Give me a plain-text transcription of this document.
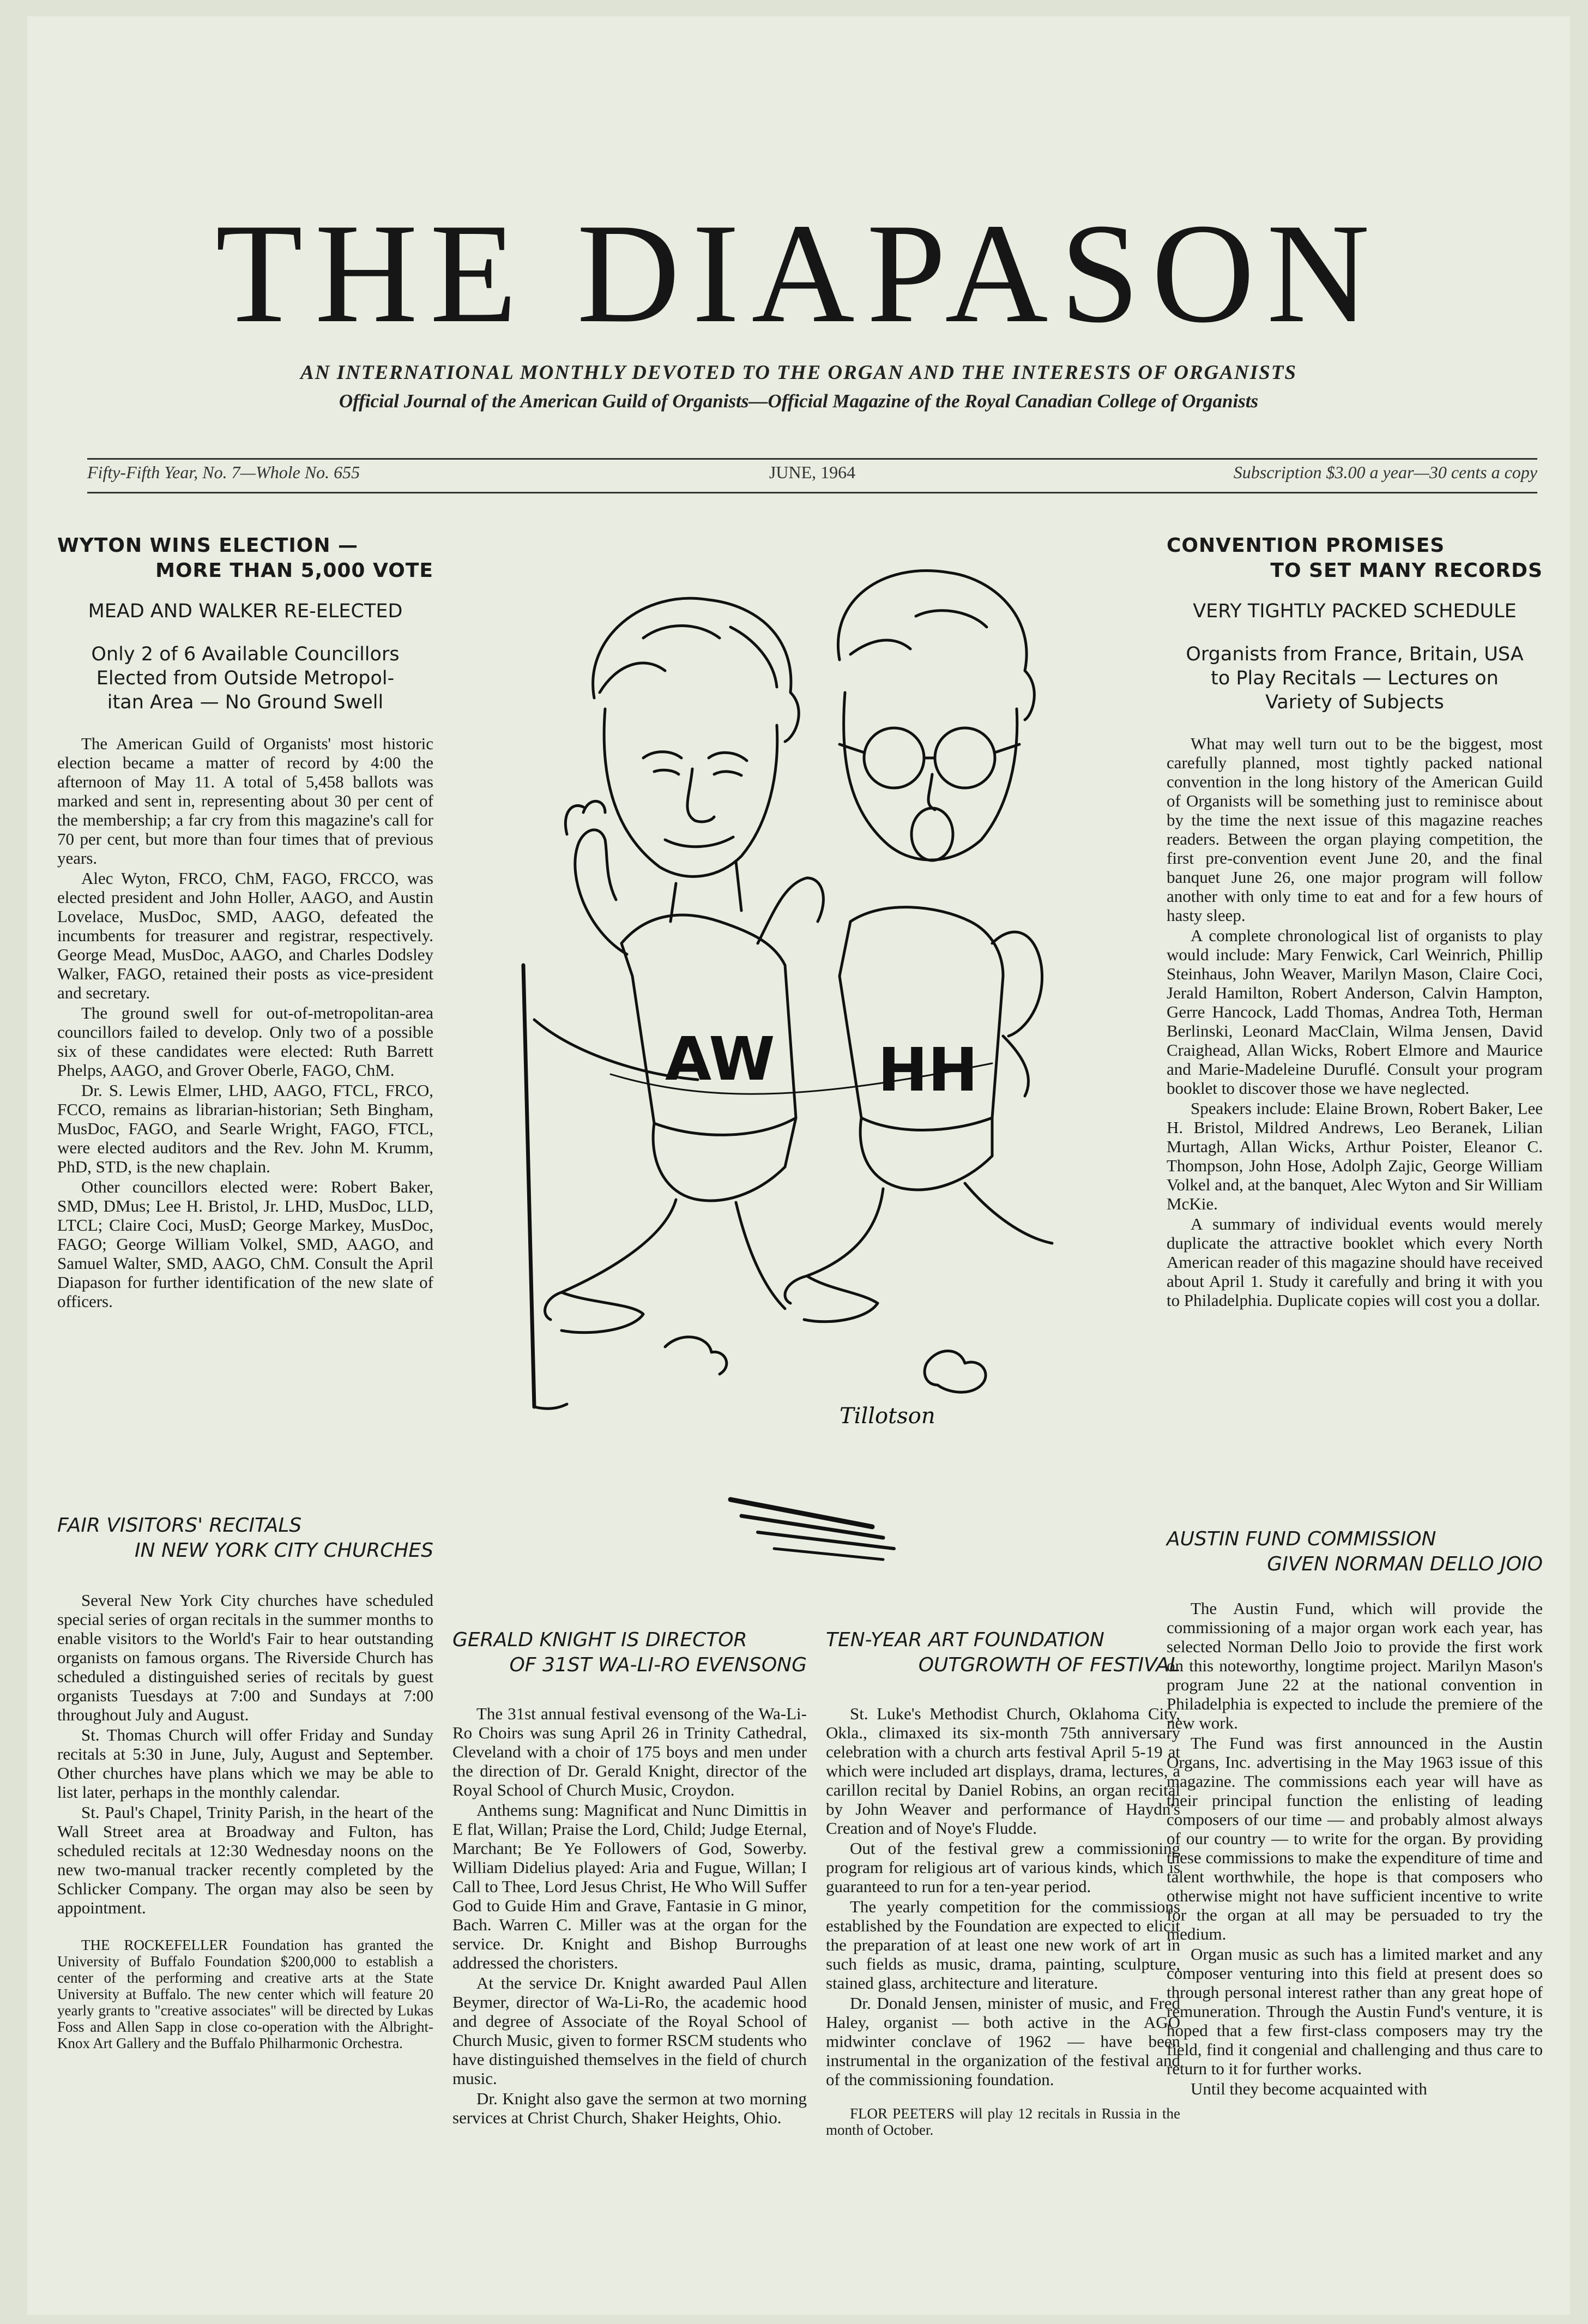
THE DIAPASON
AN INTERNATIONAL MONTHLY DEVOTED TO THE ORGAN AND THE INTERESTS OF ORGANISTS
Official Journal of the American Guild of Organists—Official Magazine of the Royal Canadian College of Organists
Fifty-Fifth Year, No. 7—Whole No. 655	JUNE, 1964	Subscription $3.00 a year—30 cents a copy
WYTON WINS ELECTION —
MORE THAN 5,000 VOTE
MEAD AND WALKER RE-ELECTED
Only 2 of 6 Available Councillors
Elected from Outside Metropol-
itan Area — No Ground Swell

The American Guild of Organists' most historic election became a matter of record by 4:00 the afternoon of May 11. A total of 5,458 ballots was marked and sent in, representing about 30 per cent of the membership; a far cry from this magazine's call for 70 per cent, but more than four times that of previous years.

Alec Wyton, FRCO, ChM, FAGO, FRCCO, was elected president and John Holler, AAGO, and Austin Lovelace, MusDoc, SMD, AAGO, defeated the incumbents for treasurer and registrar, respectively. George Mead, MusDoc, AAGO, and Charles Dodsley Walker, FAGO, retained their posts as vice-president and secretary.

The ground swell for out-of-metropolitan-area councillors failed to develop. Only two of a possible six of these candidates were elected: Ruth Barrett Phelps, AAGO, and Grover Oberle, FAGO, ChM.

Dr. S. Lewis Elmer, LHD, AAGO, FTCL, FRCO, FCCO, remains as librarian-historian; Seth Bingham, MusDoc, FAGO, and Searle Wright, FAGO, FTCL, were elected auditors and the Rev. John M. Krumm, PhD, STD, is the new chaplain.

Other councillors elected were: Robert Baker, SMD, DMus; Lee H. Bristol, Jr. LHD, MusDoc, LLD, LTCL; Claire Coci, MusD; George Markey, MusDoc, FAGO; George William Volkel, SMD, AAGO, and Samuel Walter, SMD, AAGO, ChM. Consult the April Diapason for further identification of the new slate of officers.

FAIR VISITORS' RECITALS
IN NEW YORK CITY CHURCHES

Several New York City churches have scheduled special series of organ recitals in the summer months to enable visitors to the World's Fair to hear outstanding organists on famous organs. The Riverside Church has scheduled a distinguished series of recitals by guest organists Tuesdays at 7:00 and Sundays at 7:00 throughout July and August.

St. Thomas Church will offer Friday and Sunday recitals at 5:30 in June, July, August and September. Other churches have plans which we may be able to list later, perhaps in the monthly calendar.

St. Paul's Chapel, Trinity Parish, in the heart of the Wall Street area at Broadway and Fulton, has scheduled recitals at 12:30 Wednesday noons on the new two-manual tracker recently completed by the Schlicker Company. The organ may also be seen by appointment.

THE ROCKEFELLER Foundation has granted the University of Buffalo Foundation $200,000 to establish a center of the performing and creative arts at the State University at Buffalo. The new center which will feature 20 yearly grants to "creative associates" will be directed by Lukas Foss and Allen Sapp in close co-operation with the Albright-Knox Art Gallery and the Buffalo Philharmonic Orchestra.

AW HH
Tillotson
GERALD KNIGHT IS DIRECTOR
OF 31ST WA-LI-RO EVENSONG

The 31st annual festival evensong of the Wa-Li-Ro Choirs was sung April 26 in Trinity Cathedral, Cleveland with a choir of 175 boys and men under the direction of Dr. Gerald Knight, director of the Royal School of Church Music, Croydon.

Anthems sung: Magnificat and Nunc Dimittis in E flat, Willan; Praise the Lord, Child; Judge Eternal, Marchant; Be Ye Followers of God, Sowerby. William Didelius played: Aria and Fugue, Willan; I Call to Thee, Lord Jesus Christ, He Who Will Suffer God to Guide Him and Grave, Fantasie in G minor, Bach. Warren C. Miller was at the organ for the service. Dr. Knight and Bishop Burroughs addressed the choristers.

At the service Dr. Knight awarded Paul Allen Beymer, director of Wa-Li-Ro, the academic hood and degree of Associate of the Royal School of Church Music, given to former RSCM students who have distinguished themselves in the field of church music.

Dr. Knight also gave the sermon at two morning services at Christ Church, Shaker Heights, Ohio.

TEN-YEAR ART FOUNDATION
OUTGROWTH OF FESTIVAL

St. Luke's Methodist Church, Oklahoma City, Okla., climaxed its six-month 75th anniversary celebration with a church arts festival April 5-19 at which were included art displays, drama, lectures, a carillon recital by Daniel Robins, an organ recital by John Weaver and performance of Haydn's Creation and of Noye's Fludde.

Out of the festival grew a commissioning program for religious art of various kinds, which is guaranteed to run for a ten-year period.

The yearly competition for the commissions established by the Foundation are expected to elicit the preparation of at least one new work of art in such fields as music, drama, painting, sculpture, stained glass, architecture and literature.

Dr. Donald Jensen, minister of music, and Fred Haley, organist — both active in the AGO midwinter conclave of 1962 — have been instrumental in the organization of the festival and of the commissioning foundation.

FLOR PEETERS will play 12 recitals in Russia in the month of October.

CONVENTION PROMISES
TO SET MANY RECORDS
VERY TIGHTLY PACKED SCHEDULE
Organists from France, Britain, USA
to Play Recitals — Lectures on
Variety of Subjects

What may well turn out to be the biggest, most carefully planned, most tightly packed national convention in the long history of the American Guild of Organists will be something just to reminisce about by the time the next issue of this magazine reaches readers. Between the organ playing competition, the first pre-convention event June 20, and the final banquet June 26, one major program will follow another with only time to eat and for a few hours of hasty sleep.

A complete chronological list of organists to play would include: Mary Fenwick, Carl Weinrich, Phillip Steinhaus, John Weaver, Marilyn Mason, Claire Coci, Jerald Hamilton, Robert Anderson, Calvin Hampton, Gerre Hancock, Ladd Thomas, Andrea Toth, Herman Berlinski, Leonard MacClain, Wilma Jensen, David Craighead, Allan Wicks, Robert Elmore and Maurice and Marie-Madeleine Duruflé. Consult your program booklet to discover those we have neglected.

Speakers include: Elaine Brown, Robert Baker, Lee H. Bristol, Mildred Andrews, Leo Beranek, Lilian Murtagh, Allan Wicks, Arthur Poister, Eleanor C. Thompson, John Hose, Adolph Zajic, George William Volkel and, at the banquet, Alec Wyton and Sir William McKie.

A summary of individual events would merely duplicate the attractive booklet which every North American reader of this magazine should have received about April 1. Study it carefully and bring it with you to Philadelphia. Duplicate copies will cost you a dollar.

AUSTIN FUND COMMISSION
GIVEN NORMAN DELLO JOIO

The Austin Fund, which will provide the commissioning of a major organ work each year, has selected Norman Dello Joio to provide the first work on this noteworthy, longtime project. Marilyn Mason's program June 22 at the national convention in Philadelphia is expected to include the premiere of the new work.

The Fund was first announced in the Austin Organs, Inc. advertising in the May 1963 issue of this magazine. The commissions each year will have as their principal function the enlisting of leading composers of our time — and probably almost always of our country — to write for the organ. By providing these commissions to make the expenditure of time and talent worthwhile, the hope is that composers who otherwise might not have sufficient incentive to write for the organ at all may be persuaded to try the medium.

Organ music as such has a limited market and any composer venturing into this field at present does so through personal interest rather than any great hope of remuneration. Through the Austin Fund's venture, it is hoped that a few first-class composers may try the field, find it congenial and challenging and thus care to return to it for further works.

Until they become acquainted with
